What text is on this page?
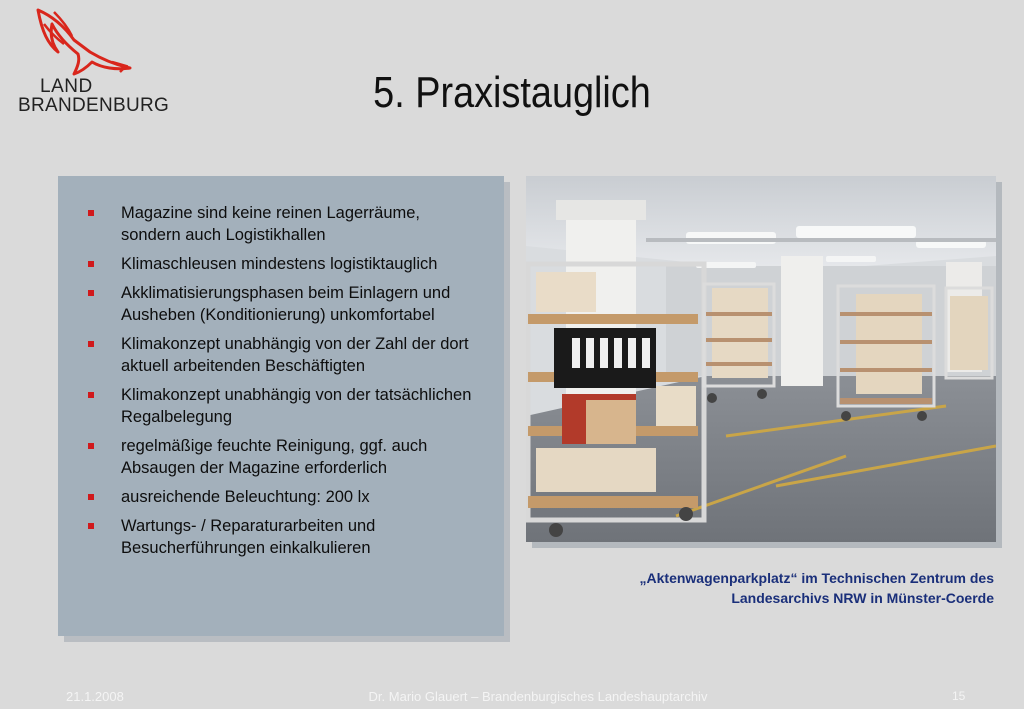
LAND
BRANDENBURG	5. Praxistauglich
Magazine sind keine reinen Lagerräume, sondern auch Logistikhallen
Klimaschleusen mindestens logistiktauglich
Akklimatisierungsphasen beim Einlagern und Ausheben (Konditionierung) unkomfortabel
Klimakonzept unabhängig von der Zahl der dort aktuell arbeitenden Beschäftigten
Klimakonzept unabhängig von der tatsächlichen Regalbelegung
regelmäßige feuchte Reinigung, ggf. auch Absaugen der Magazine erforderlich
ausreichende Beleuchtung: 200 lx
Wartungs- / Reparaturarbeiten und Besucherführungen einkalkulieren
„Aktenwagenparkplatz“ im Technischen Zentrum des
Landesarchivs NRW in Münster-Coerde
21.1.2008	Dr. Mario Glauert – Brandenburgisches Landeshauptarchiv	15
